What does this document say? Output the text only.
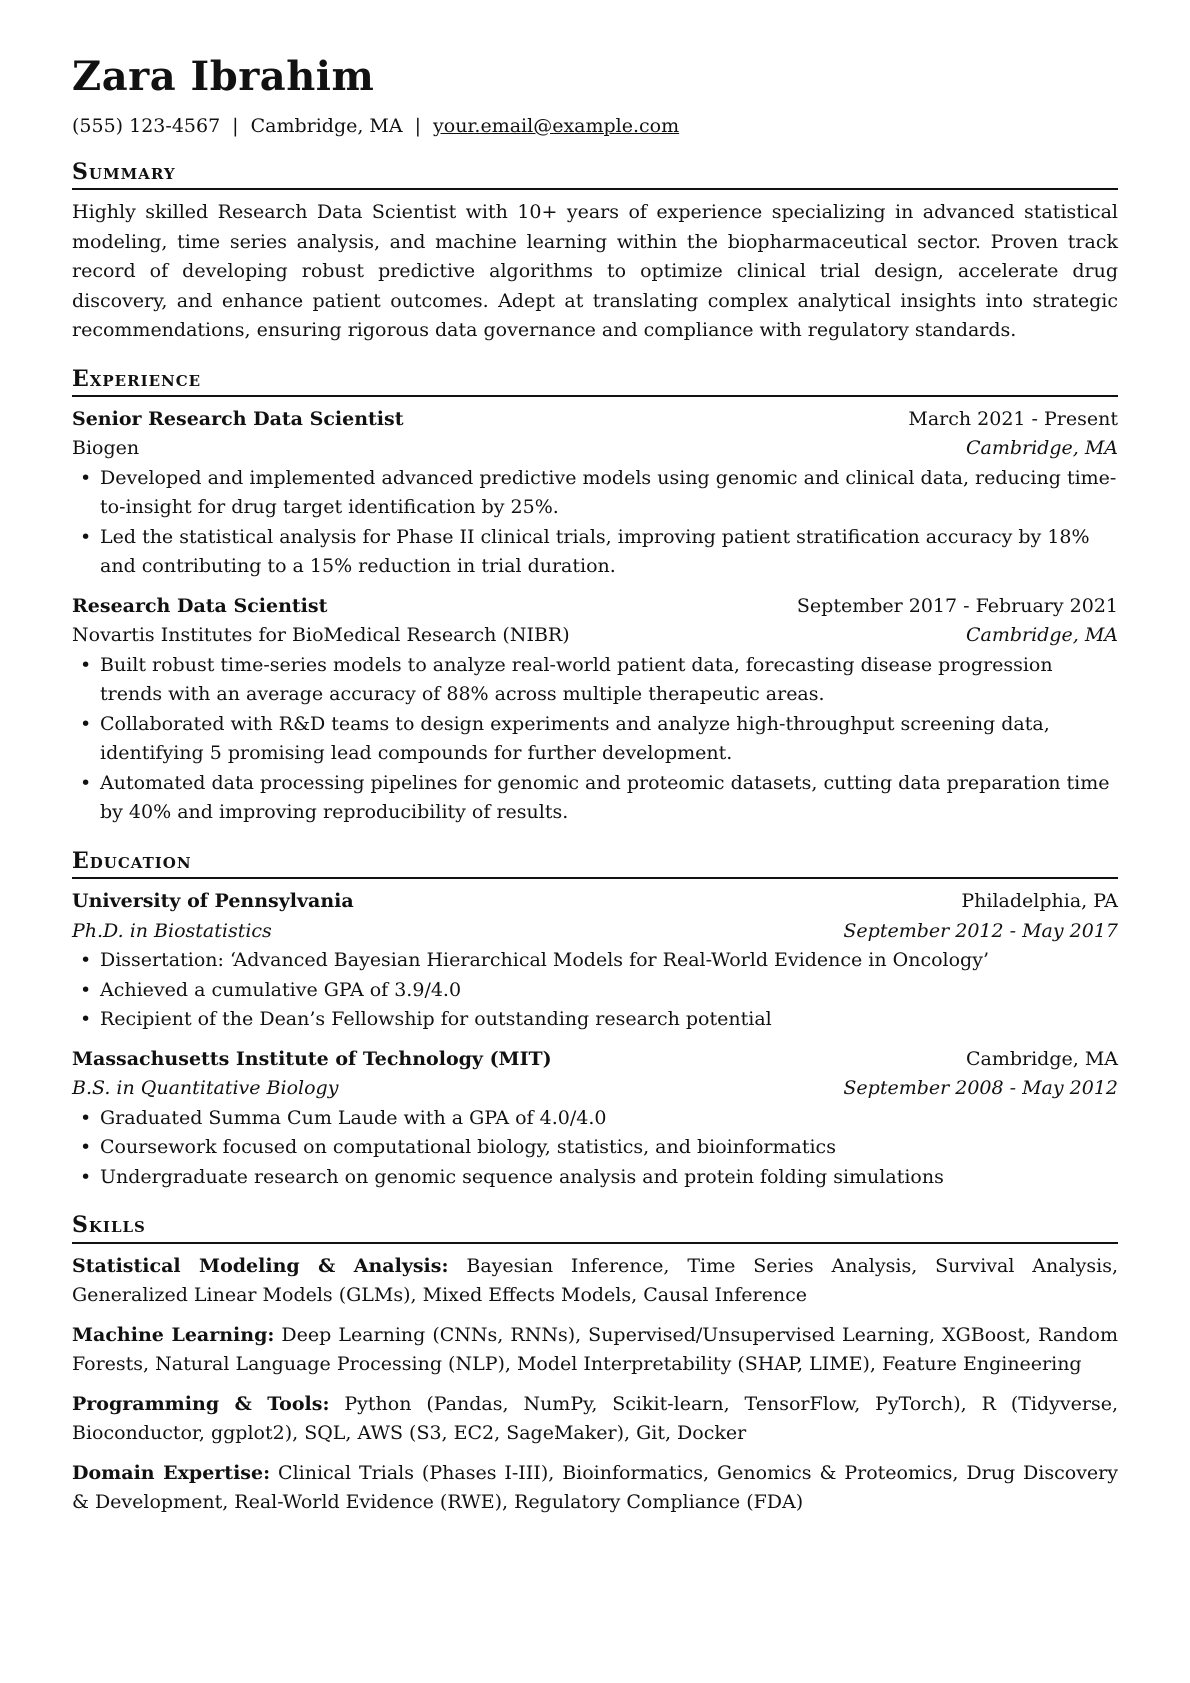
Zara Ibrahim
(555) 123-4567 | Cambridge, MA | your.email@example.com
Summary

Highly skilled Research Data Scientist with 10+ years of experience specializing in advanced statistical modeling, time series analysis, and machine learning within the biopharmaceutical sector. Proven track record of developing robust predictive algorithms to optimize clinical trial design, accelerate drug discovery, and enhance patient outcomes. Adept at translating complex analytical insights into strategic recommendations, ensuring rigorous data governance and compliance with regulatory standards.

Experience
Senior Research Data Scientist	March 2021 - Present
Biogen	Cambridge, MA
• Developed and implemented advanced predictive models using genomic and clinical data, reducing time-to-insight for drug target identification by 25%.
• Led the statistical analysis for Phase II clinical trials, improving patient stratification accuracy by 18% and contributing to a 15% reduction in trial duration.
Research Data Scientist	September 2017 - February 2021
Novartis Institutes for BioMedical Research (NIBR)	Cambridge, MA
• Built robust time-series models to analyze real-world patient data, forecasting disease progression trends with an average accuracy of 88% across multiple therapeutic areas.
• Collaborated with R&D teams to design experiments and analyze high-throughput screening data, identifying 5 promising lead compounds for further development.
• Automated data processing pipelines for genomic and proteomic datasets, cutting data preparation time by 40% and improving reproducibility of results.
Education
University of Pennsylvania	Philadelphia, PA
Ph.D. in Biostatistics	September 2012 - May 2017
• Dissertation: ‘Advanced Bayesian Hierarchical Models for Real-World Evidence in Oncology’
• Achieved a cumulative GPA of 3.9/4.0
• Recipient of the Dean’s Fellowship for outstanding research potential
Massachusetts Institute of Technology (MIT)	Cambridge, MA
B.S. in Quantitative Biology	September 2008 - May 2012
• Graduated Summa Cum Laude with a GPA of 4.0/4.0
• Coursework focused on computational biology, statistics, and bioinformatics
• Undergraduate research on genomic sequence analysis and protein folding simulations
Skills
Statistical Modeling & Analysis: Bayesian Inference, Time Series Analysis, Survival Analysis, Generalized Linear Models (GLMs), Mixed Effects Models, Causal Inference
Machine Learning: Deep Learning (CNNs, RNNs), Supervised/Unsupervised Learning, XGBoost, Random Forests, Natural Language Processing (NLP), Model Interpretability (SHAP, LIME), Feature Engineering
Programming & Tools: Python (Pandas, NumPy, Scikit-learn, TensorFlow, PyTorch), R (Tidyverse, Bioconductor, ggplot2), SQL, AWS (S3, EC2, SageMaker), Git, Docker
Domain Expertise: Clinical Trials (Phases I-III), Bioinformatics, Genomics & Proteomics, Drug Discovery & Development, Real-World Evidence (RWE), Regulatory Compliance (FDA)
